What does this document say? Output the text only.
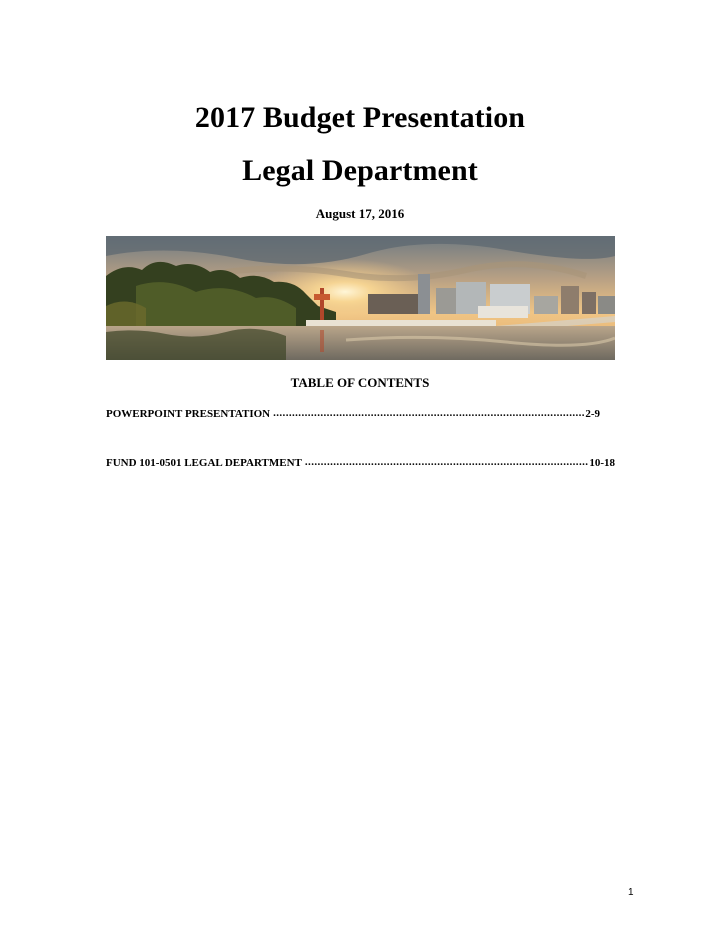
2017 Budget Presentation
Legal Department
August 17, 2016
TABLE OF CONTENTS
POWERPOINT PRESENTATION .....	2-9
FUND 101-0501 LEGAL DEPARTMENT .....	10-18
1
